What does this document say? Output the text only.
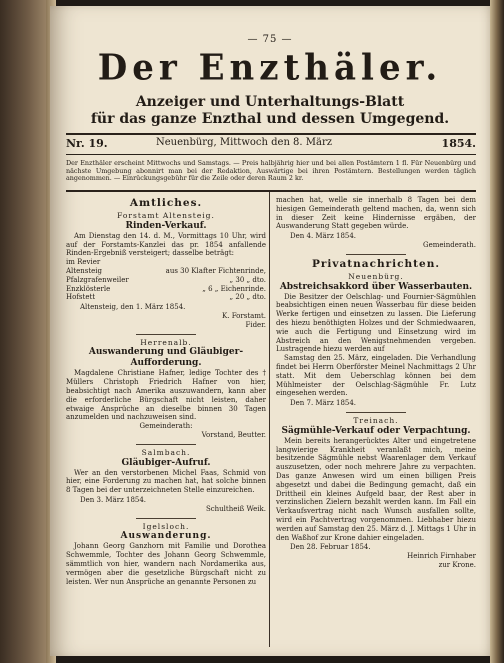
— 75 —
Der Enzthäler.
Anzeiger und Unterhaltungs-Blatt
für das ganze Enzthal und dessen Umgegend.
Nr. 19.	Neuenbürg, Mittwoch den 8. März	1854.
Der Enzthäler erscheint Mittwochs und Samstags. — Preis halbjährig hier und bei allen Postämtern 1 fl. Für Neuenbürg und nächste Umgebung abonnirt man bei der Redaktion, Auswärtige bei ihren Postämtern. Bestellungen werden täglich angenommen. — Einrückungsgebühr für die Zeile oder deren Raum 2 kr.
Amtliches.
Forstamt Altensteig.
Rinden-Verkauf.

Am Dienstag den 14. d. M., Vormittags 10 Uhr, wird auf der Forstamts-Kanzlei das pr. 1854 anfallende Rinden-Ergebniß versteigert; dasselbe beträgt:

im Revier

Altensteig	aus 30 Klafter Fichtenrinde,
Pfalzgrafenweiler	„ 30 „ dto.
Enzklösterle	„ 6 „ Eichenrinde.
Hofstett	„ 20 „ dto.

Altensteig, den 1. März 1854.

K. Forstamt.

Fider.

Herrenalb.
Auswanderung und Gläubiger-Aufforderung.

Magdalene Christiane Hafner, ledige Tochter des † Müllers Christoph Friedrich Hafner von hier, beabsichtigt nach Amerika auszuwandern, kann aber die erforderliche Bürgschaft nicht leisten, daher etwaige Ansprüche an dieselbe binnen 30 Tagen anzumelden und nachzuweisen sind.

Gemeinderath:

Vorstand, Beutter.

Salmbach.
Gläubiger-Aufruf.

Wer an den verstorbenen Michel Faas, Schmid von hier, eine Forderung zu machen hat, hat solche binnen 8 Tagen bei der unterzeichneten Stelle einzureichen.

Den 3. März 1854.

Schultheiß Weik.

Igelsloch.
Auswanderung.

Johann Georg Ganzhorn mit Familie und Dorothea Schwemmle, Tochter des Johann Georg Schwemmle, sämmtlich von hier, wandern nach Nordamerika aus, vermögen aber die gesetzliche Bürgschaft nicht zu leisten. Wer nun Ansprüche an genannte Personen zu

machen hat, welle sie innerhalb 8 Tagen bei dem hiesigen Gemeinderath geltend machen, da, wenn sich in dieser Zeit keine Hindernisse ergäben, der Auswanderung Statt gegeben würde.

Den 4. März 1854.

Gemeinderath.

Privatnachrichten.
Neuenbürg.
Abstreichsakkord über Wasserbauten.

Die Besitzer der Oelschlag- und Fournier-Sägmühlen beabsichtigen einen neuen Wasserbau für diese beiden Werke fertigen und einsetzen zu lassen. Die Lieferung des hiezu benöthigten Holzes und der Schmiedwaaren, wie auch die Fertigung und Einsetzung wird im Abstreich an den Wenigstnehmenden vergeben. Lustragende hiezu werden auf

Samstag den 25. März, eingeladen. Die Verhandlung findet bei Herrn Oberförster Meinel Nachmittags 2 Uhr statt. Mit dem Ueberschlag können bei dem Mühlmeister der Oelschlag-Sägmühle Fr. Lutz eingesehen werden.

Den 7. März 1854.

Treinach.
Sägmühle-Verkauf oder Verpachtung.

Mein bereits herangerücktes Alter und eingetretene langwierige Krankheit veranlaßt mich, meine besitzende Sägmühle nebst Waarenlager dem Verkauf auszusetzen, oder noch mehrere Jahre zu verpachten. Das ganze Anwesen wird um einen billigen Preis abgesetzt und dabei die Bedingung gemacht, daß ein Drittheil ein kleines Aufgeld baar, der Rest aber in verzinslichen Zielern bezahlt werden kann. Im Fall ein Verkaufsvertrag nicht nach Wunsch ausfallen sollte, wird ein Pachtvertrag vorgenommen. Liebhaber hiezu werden auf Samstag den 25. März d. J. Mittags 1 Uhr in den Waßhof zur Krone dahier eingeladen.

Den 28. Februar 1854.

Heinrich Firnhaber

zur Krone.
